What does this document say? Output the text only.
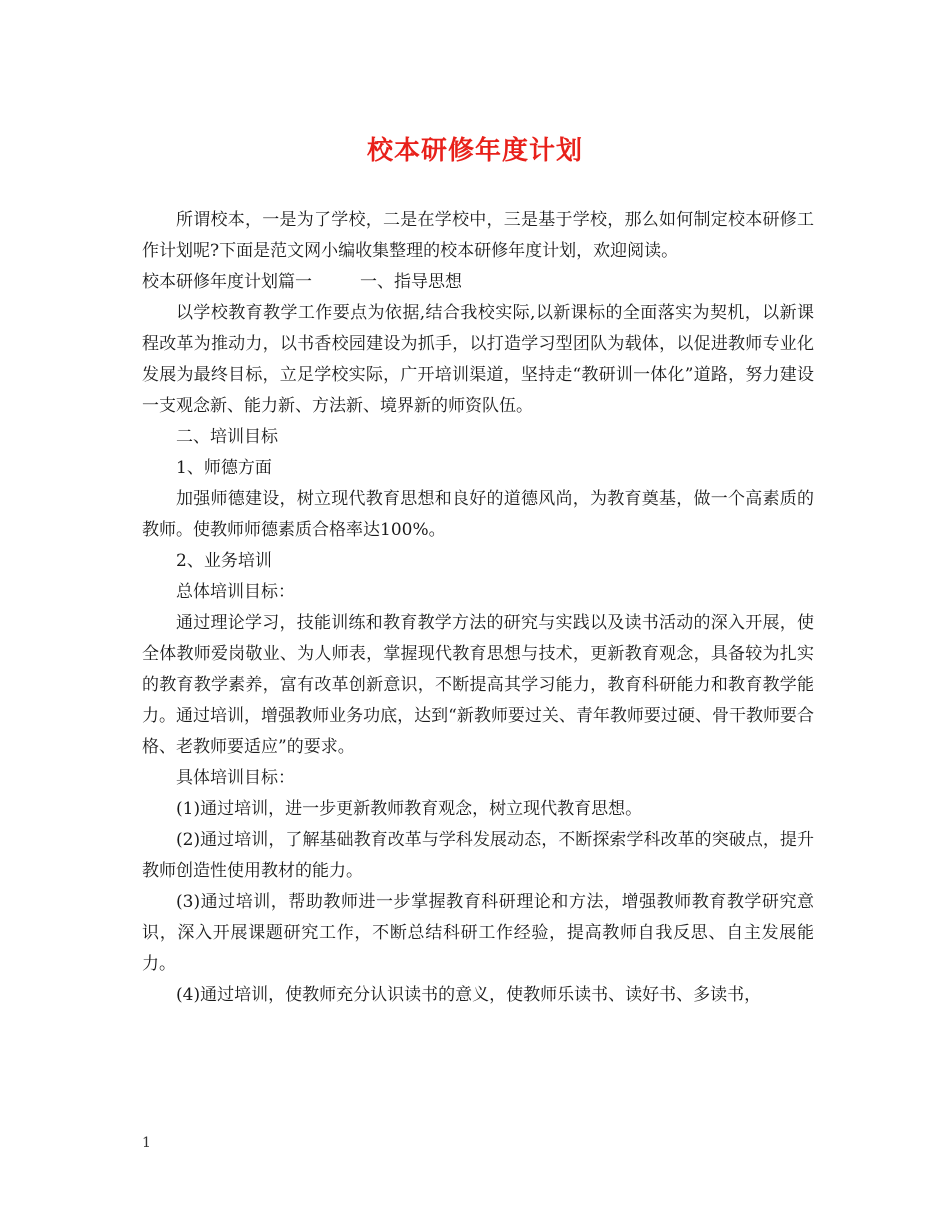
校本研修年度计划

所谓校本，一是为了学校，二是在学校中，三是基于学校，那么如何制定校本研修工作计划呢?下面是范文网小编收集整理的校本研修年度计划，欢迎阅读。

校本研修年度计划篇一	一、指导思想

以学校教育教学工作要点为依据,结合我校实际,以新课标的全面落实为契机，以新课程改革为推动力，以书香校园建设为抓手，以打造学习型团队为载体，以促进教师专业化发展为最终目标，立足学校实际，广开培训渠道，坚持走“教研训一体化”道路，努力建设一支观念新、能力新、方法新、境界新的师资队伍。

二、培训目标

1、师德方面

加强师德建设，树立现代教育思想和良好的道德风尚，为教育奠基，做一个高素质的教师。使教师师德素质合格率达100%。

2、业务培训

总体培训目标：

通过理论学习，技能训练和教育教学方法的研究与实践以及读书活动的深入开展，使全体教师爱岗敬业、为人师表，掌握现代教育思想与技术，更新教育观念，具备较为扎实的教育教学素养，富有改革创新意识，不断提高其学习能力，教育科研能力和教育教学能力。通过培训，增强教师业务功底，达到“新教师要过关、青年教师要过硬、骨干教师要合格、老教师要适应”的要求。

具体培训目标：

(1)通过培训，进一步更新教师教育观念，树立现代教育思想。

(2)通过培训，了解基础教育改革与学科发展动态，不断探索学科改革的突破点，提升教师创造性使用教材的能力。

(3)通过培训，帮助教师进一步掌握教育科研理论和方法，增强教师教育教学研究意识，深入开展课题研究工作，不断总结科研工作经验，提高教师自我反思、自主发展能力。

(4)通过培训，使教师充分认识读书的意义，使教师乐读书、读好书、多读书，

1
